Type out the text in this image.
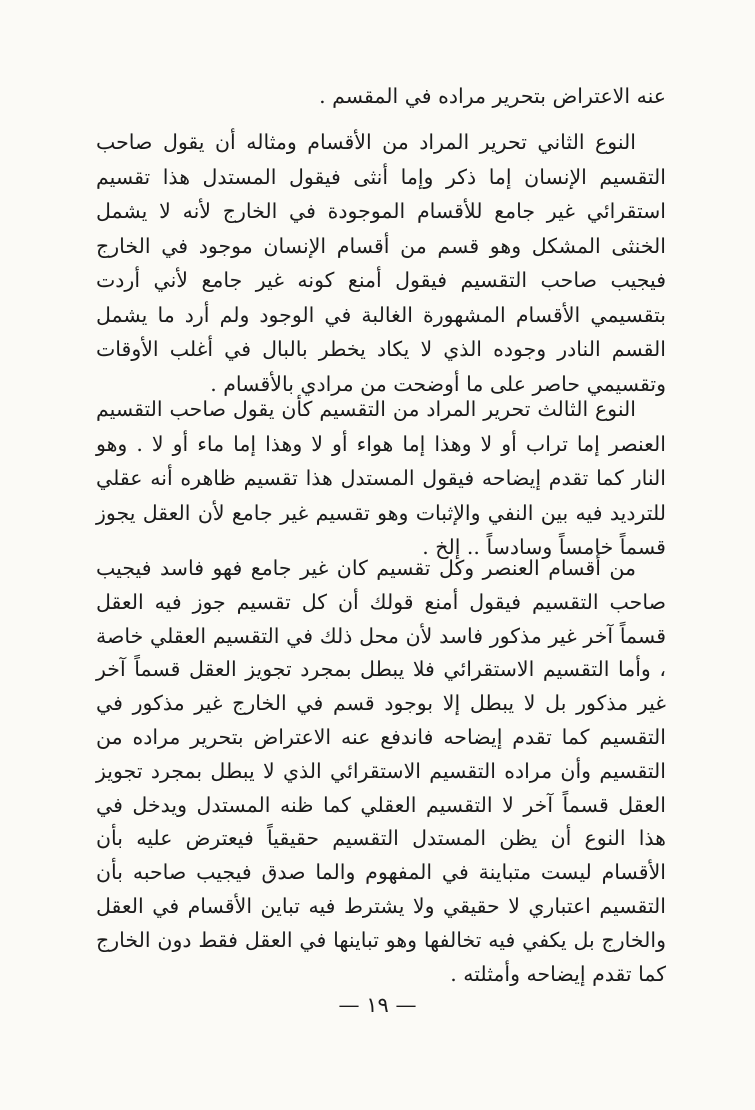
عنه الاعتراض بتحرير مراده في المقسم .

النوع الثاني تحرير المراد من الأقسام ومثاله أن يقول صاحب التقسيم الإنسان إما ذكر وإما أنثى فيقول المستدل هذا تقسيم استقرائي غير جامع للأقسام الموجودة في الخارج لأنه لا يشمل الخنثى المشكل وهو قسم من أقسام الإنسان موجود في الخارج فيجيب صاحب التقسيم فيقول أمنع كونه غير جامع لأني أردت بتقسيمي الأقسام المشهورة الغالبة في الوجود ولم أرد ما يشمل القسم النادر وجوده الذي لا يكاد يخطر بالبال في أغلب الأوقات وتقسيمي حاصر على ما أوضحت من مرادي بالأقسام .

النوع الثالث تحرير المراد من التقسيم كأن يقول صاحب التقسيم العنصر إما تراب أو لا وهذا إما هواء أو لا وهذا إما ماء أو لا . وهو النار كما تقدم إيضاحه فيقول المستدل هذا تقسيم ظاهره أنه عقلي للترديد فيه بين النفي والإثبات وهو تقسيم غير جامع لأن العقل يجوز قسماً خامساً وسادساً .. إلخ .

من أقسام العنصر وكل تقسيم كان غير جامع فهو فاسد فيجيب صاحب التقسيم فيقول أمنع قولك أن كل تقسيم جوز فيه العقل قسماً آخر غير مذكور فاسد لأن محل ذلك في التقسيم العقلي خاصة ، وأما التقسيم الاستقرائي فلا يبطل بمجرد تجويز العقل قسماً آخر غير مذكور بل لا يبطل إلا بوجود قسم في الخارج غير مذكور في التقسيم كما تقدم إيضاحه فاندفع عنه الاعتراض بتحرير مراده من التقسيم وأن مراده التقسيم الاستقرائي الذي لا يبطل بمجرد تجويز العقل قسماً آخر لا التقسيم العقلي كما ظنه المستدل ويدخل في هذا النوع أن يظن المستدل التقسيم حقيقياً فيعترض عليه بأن الأقسام ليست متباينة في المفهوم والما صدق فيجيب صاحبه بأن التقسيم اعتباري لا حقيقي ولا يشترط فيه تباين الأقسام في العقل والخارج بل يكفي فيه تخالفها وهو تباينها في العقل فقط دون الخارج كما تقدم إيضاحه وأمثلته .

— ١٩ —
